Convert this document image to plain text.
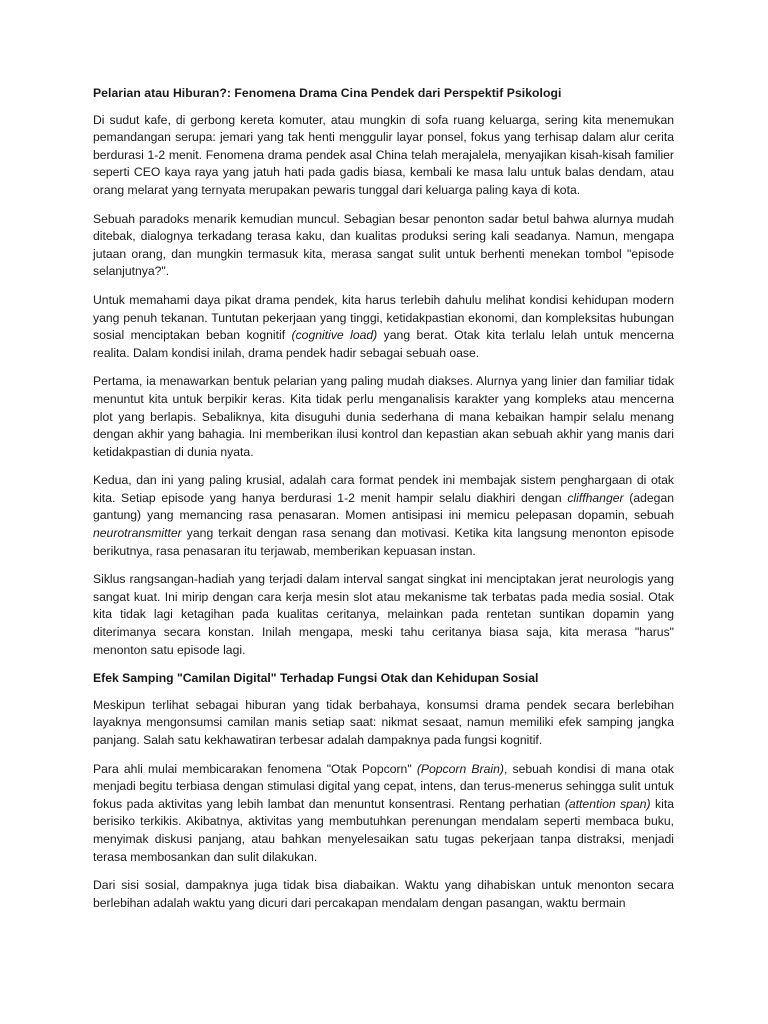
Pelarian atau Hiburan?: Fenomena Drama Cina Pendek dari Perspektif Psikologi

Di sudut kafe, di gerbong kereta komuter, atau mungkin di sofa ruang keluarga, sering kita menemukan pemandangan serupa: jemari yang tak henti menggulir layar ponsel, fokus yang terhisap dalam alur cerita berdurasi 1-2 menit. Fenomena drama pendek asal China telah merajalela, menyajikan kisah-kisah familier seperti CEO kaya raya yang jatuh hati pada gadis biasa, kembali ke masa lalu untuk balas dendam, atau orang melarat yang ternyata merupakan pewaris tunggal dari keluarga paling kaya di kota.

Sebuah paradoks menarik kemudian muncul. Sebagian besar penonton sadar betul bahwa alurnya mudah ditebak, dialognya terkadang terasa kaku, dan kualitas produksi sering kali seadanya. Namun, mengapa jutaan orang, dan mungkin termasuk kita, merasa sangat sulit untuk berhenti menekan tombol "episode selanjutnya?".

Untuk memahami daya pikat drama pendek, kita harus terlebih dahulu melihat kondisi kehidupan modern yang penuh tekanan. Tuntutan pekerjaan yang tinggi, ketidakpastian ekonomi, dan kompleksitas hubungan sosial menciptakan beban kognitif (cognitive load) yang berat. Otak kita terlalu lelah untuk mencerna realita. Dalam kondisi inilah, drama pendek hadir sebagai sebuah oase.

Pertama, ia menawarkan bentuk pelarian yang paling mudah diakses. Alurnya yang linier dan familiar tidak menuntut kita untuk berpikir keras. Kita tidak perlu menganalisis karakter yang kompleks atau mencerna plot yang berlapis. Sebaliknya, kita disuguhi dunia sederhana di mana kebaikan hampir selalu menang dengan akhir yang bahagia. Ini memberikan ilusi kontrol dan kepastian akan sebuah akhir yang manis dari ketidakpastian di dunia nyata.

Kedua, dan ini yang paling krusial, adalah cara format pendek ini membajak sistem penghargaan di otak kita. Setiap episode yang hanya berdurasi 1-2 menit hampir selalu diakhiri dengan cliffhanger (adegan gantung) yang memancing rasa penasaran. Momen antisipasi ini memicu pelepasan dopamin, sebuah neurotransmitter yang terkait dengan rasa senang dan motivasi. Ketika kita langsung menonton episode berikutnya, rasa penasaran itu terjawab, memberikan kepuasan instan.

Siklus rangsangan-hadiah yang terjadi dalam interval sangat singkat ini menciptakan jerat neurologis yang sangat kuat. Ini mirip dengan cara kerja mesin slot atau mekanisme tak terbatas pada media sosial. Otak kita tidak lagi ketagihan pada kualitas ceritanya, melainkan pada rentetan suntikan dopamin yang diterimanya secara konstan. Inilah mengapa, meski tahu ceritanya biasa saja, kita merasa "harus" menonton satu episode lagi.

Efek Samping "Camilan Digital" Terhadap Fungsi Otak dan Kehidupan Sosial

Meskipun terlihat sebagai hiburan yang tidak berbahaya, konsumsi drama pendek secara berlebihan layaknya mengonsumsi camilan manis setiap saat: nikmat sesaat, namun memiliki efek samping jangka panjang. Salah satu kekhawatiran terbesar adalah dampaknya pada fungsi kognitif.

Para ahli mulai membicarakan fenomena "Otak Popcorn" (Popcorn Brain), sebuah kondisi di mana otak menjadi begitu terbiasa dengan stimulasi digital yang cepat, intens, dan terus-menerus sehingga sulit untuk fokus pada aktivitas yang lebih lambat dan menuntut konsentrasi. Rentang perhatian (attention span) kita berisiko terkikis. Akibatnya, aktivitas yang membutuhkan perenungan mendalam seperti membaca buku, menyimak diskusi panjang, atau bahkan menyelesaikan satu tugas pekerjaan tanpa distraksi, menjadi terasa membosankan dan sulit dilakukan.

Dari sisi sosial, dampaknya juga tidak bisa diabaikan. Waktu yang dihabiskan untuk menonton secara berlebihan adalah waktu yang dicuri dari percakapan mendalam dengan pasangan, waktu bermain
